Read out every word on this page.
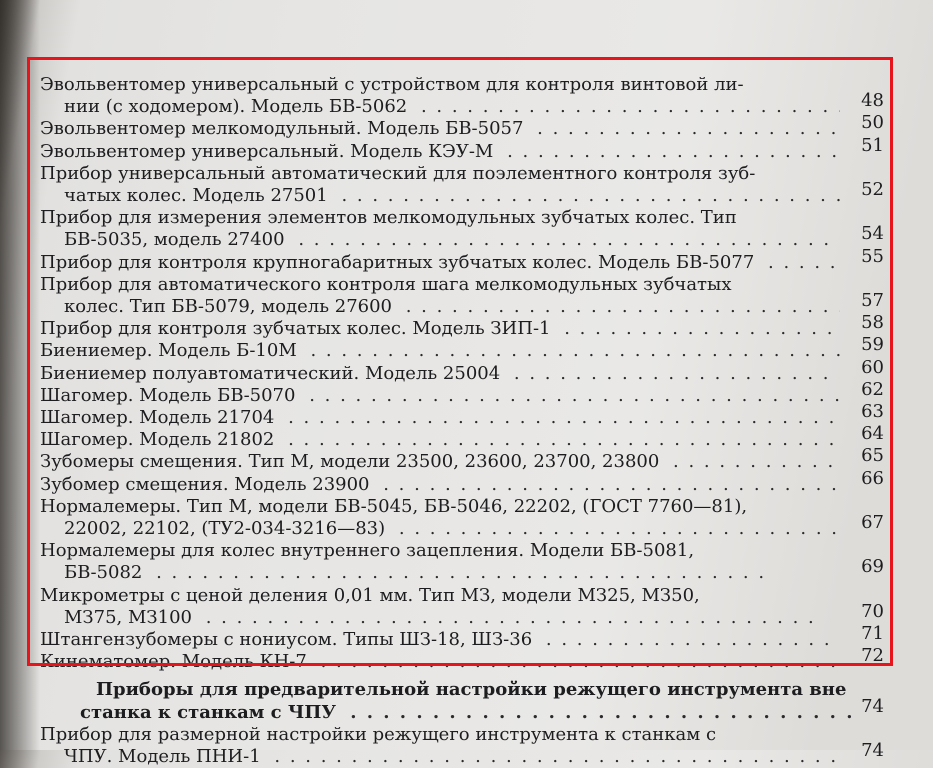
Эвольвентомер универсальный с устройством для контроля винтовой ли-
нии (с ходомером). Модель БВ-5062 . .	48
Эвольвентомер мелкомодульный. Модель БВ-5057 . .	50
Эвольвентомер универсальный. Модель КЭУ-М . .	51
Прибор универсальный автоматический для поэлементного контроля зуб-
чатых колес. Модель 27501 . .	52
Прибор для измерения элементов мелкомодульных зубчатых колес. Тип
БВ-5035, модель 27400 . .	54
Прибор для контроля крупногабаритных зубчатых колес. Модель БВ-5077 . .	55
Прибор для автоматического контроля шага мелкомодульных зубчатых
колес. Тип БВ-5079, модель 27600 . .	57
Прибор для контроля зубчатых колес. Модель ЗИП-1 . .	58
Биениемер. Модель Б-10М . .	59
Биениемер полуавтоматический. Модель 25004 . .	60
Шагомер. Модель БВ-5070 . .	62
Шагомер. Модель 21704 . .	63
Шагомер. Модель 21802 . .	64
Зубомеры смещения. Тип М, модели 23500, 23600, 23700, 23800 . .	65
Зубомер смещения. Модель 23900 . .	66
Нормалемеры. Тип М, модели БВ-5045, БВ-5046, 22202, (ГОСТ 7760—81),
22002, 22102, (ТУ2-034-3216—83) . .	67
Нормалемеры для колес внутреннего зацепления. Модели БВ-5081,
БВ-5082 . .	69
Микрометры с ценой деления 0,01 мм. Тип МЗ, модели МЗ25, МЗ50,
МЗ75, МЗ100 . .	70
Штангензубомеры с нониусом. Типы ШЗ-18, ШЗ-36 . .	71
Кинематомер. Модель КН-7 . .	72
Приборы для предварительной настройки режущего инструмента вне
станка к станкам с ЧПУ . .	74
Прибор для размерной настройки режущего инструмента к станкам с
ЧПУ. Модель ПНИ-1 . .	74
